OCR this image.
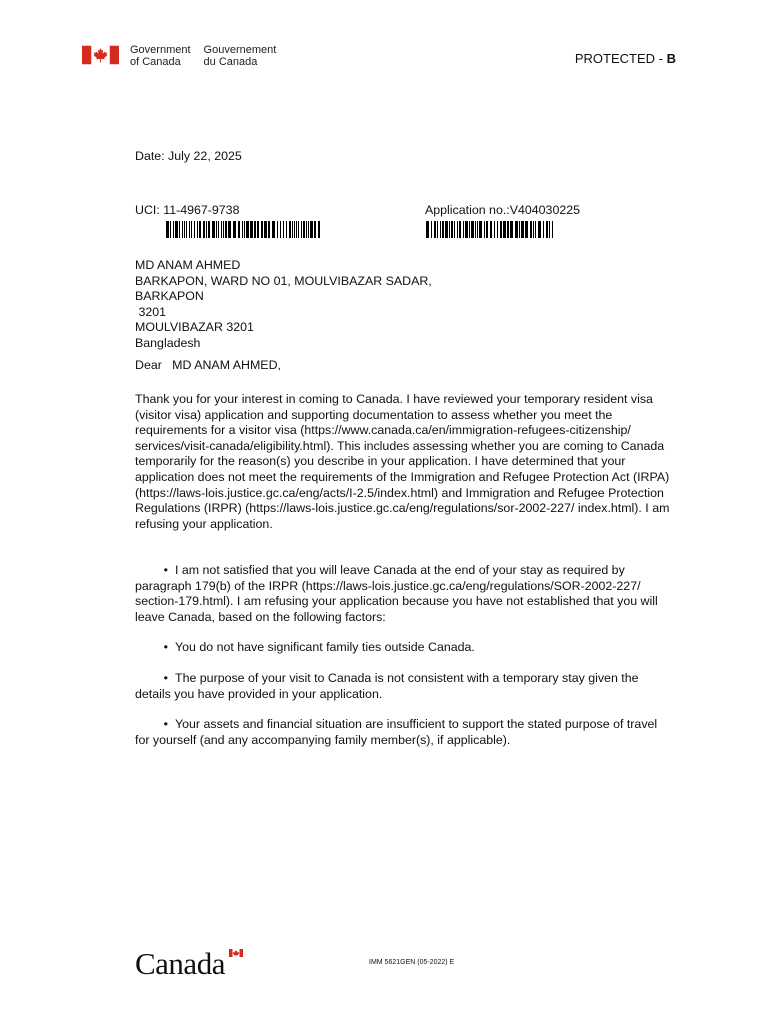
Government
of Canada
Gouvernement
du Canada	PROTECTED - B
Date: July 22, 2025
UCI: 11-4967-9738	Application no.:V404030225
MD ANAM AHMED
BARKAPON, WARD NO 01, MOULVIBAZAR SADAR,
BARKAPON
3201
MOULVIBAZAR 3201
Bangladesh
Dear   MD ANAM AHMED,
Thank you for your interest in coming to Canada. I have reviewed your temporary resident visa (visitor visa) application and supporting documentation to assess whether you meet the requirements for a visitor visa (https://www.canada.ca/en/immigration-refugees-citizenship/ services/visit-canada/eligibility.html). This includes assessing whether you are coming to Canada temporarily for the reason(s) you describe in your application. I have determined that your application does not meet the requirements of the Immigration and Refugee Protection Act (IRPA) (https://laws-lois.justice.gc.ca/eng/acts/I-2.5/index.html) and Immigration and Refugee Protection Regulations (IRPR) (https://laws-lois.justice.gc.ca/eng/regulations/sor-2002-227/ index.html). I am refusing your application.
• I am not satisfied that you will leave Canada at the end of your stay as required by paragraph 179(b) of the IRPR (https://laws-lois.justice.gc.ca/eng/regulations/SOR-2002-227/ section-179.html). I am refusing your application because you have not established that you will leave Canada, based on the following factors:
• You do not have significant family ties outside Canada.
• The purpose of your visit to Canada is not consistent with a temporary stay given the details you have provided in your application.
• Your assets and financial situation are insufficient to support the stated purpose of travel for yourself (and any accompanying family member(s), if applicable).
Canada	IMM 5621GEN (05-2022) E
